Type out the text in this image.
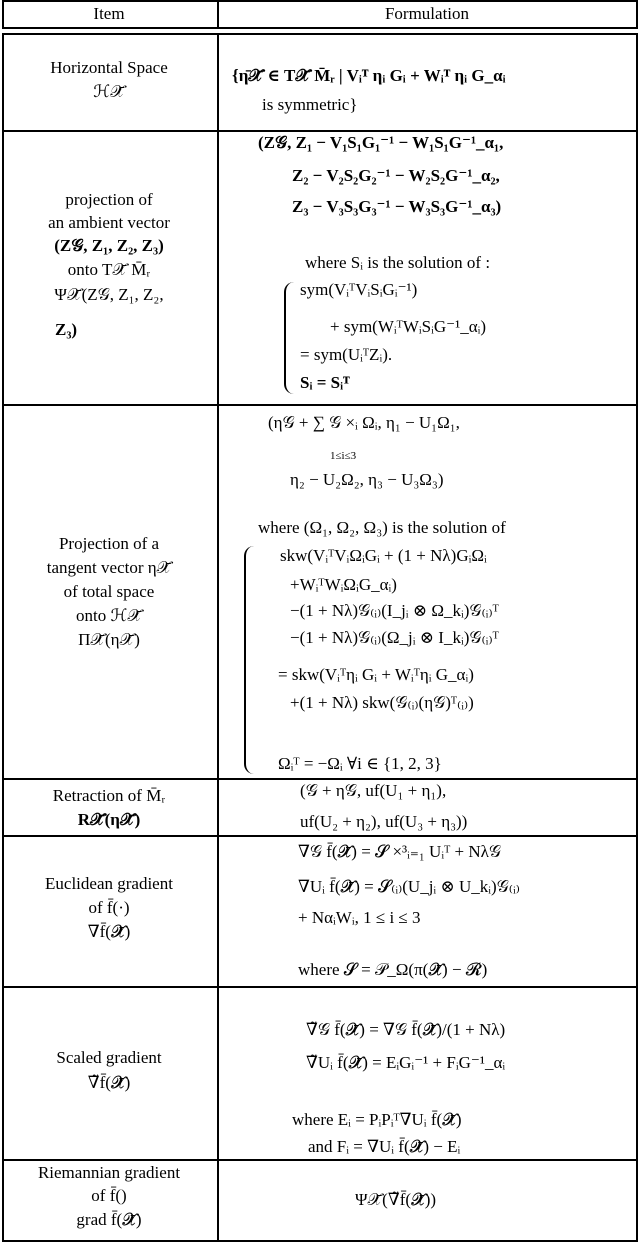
Item	Formulation
Horizontal Space
ℋ𝒳̄
{η̄𝒳̄ ∈ T𝒳̄ M̄ᵣ | Vᵢᵀ ηᵢ Gᵢ + Wᵢᵀ ηᵢ G_αᵢ
is symmetric}
projection of
an ambient vector
(Z𝒢, Z₁, Z₂, Z₃)
onto T𝒳̄ M̄ᵣ
Ψ𝒳̄(Z𝒢, Z₁, Z₂,
Z₃)
(Z𝒢, Z₁ − V₁S₁G₁⁻¹ − W₁S₁G⁻¹_α₁,
Z₂ − V₂S₂G₂⁻¹ − W₂S₂G⁻¹_α₂,
Z₃ − V₃S₃G₃⁻¹ − W₃S₃G⁻¹_α₃)
where Sᵢ is the solution of :
sym(VᵢᵀVᵢSᵢGᵢ⁻¹)
+ sym(WᵢᵀWᵢSᵢG⁻¹_αᵢ)
= sym(UᵢᵀZᵢ).
Sᵢ = Sᵢᵀ
Projection of a
tangent vector η𝒳̄
of total space
onto ℋ𝒳̄
Π𝒳̄(η𝒳̄)
(η𝒢 + ∑ 𝒢 ×ᵢ Ωᵢ, η₁ − U₁Ω₁,
1≤i≤3
η₂ − U₂Ω₂, η₃ − U₃Ω₃)
where (Ω₁, Ω₂, Ω₃) is the solution of
skw(VᵢᵀVᵢΩᵢGᵢ + (1 + Nλ)GᵢΩᵢ
+WᵢᵀWᵢΩᵢG_αᵢ)
−(1 + Nλ)𝒢₍ᵢ₎(I_jᵢ ⊗ Ω_kᵢ)𝒢₍ᵢ₎ᵀ
−(1 + Nλ)𝒢₍ᵢ₎(Ω_jᵢ ⊗ I_kᵢ)𝒢₍ᵢ₎ᵀ
= skw(Vᵢᵀηᵢ Gᵢ + Wᵢᵀηᵢ G_αᵢ)
+(1 + Nλ) skw(𝒢₍ᵢ₎(η𝒢)ᵀ₍ᵢ₎)
Ωᵢᵀ = −Ωᵢ ∀i ∈ {1, 2, 3}
Retraction of M̄ᵣ
R𝒳̄(η𝒳̄)
(𝒢 + η𝒢, uf(U₁ + η₁),
uf(U₂ + η₂), uf(U₃ + η₃))
Euclidean gradient
of f̄(·)
∇f̄(𝓧̄)
∇𝒢 f̄(𝓧̄) = 𝓢 ×³ᵢ₌₁ Uᵢᵀ + Nλ𝒢
∇Uᵢ f̄(𝓧̄) = 𝓢₍ᵢ₎(U_jᵢ ⊗ U_kᵢ)𝒢₍ᵢ₎
+ NαᵢWᵢ, 1 ≤ i ≤ 3
where 𝓢 = 𝒫_Ω(π(𝓧̄) − 𝓡)
Scaled gradient
∇̃f̄(𝓧̄)
∇̃𝒢 f̄(𝓧̄) = ∇𝒢 f̄(𝓧̄)/(1 + Nλ)
∇̃Uᵢ f̄(𝓧̄) = EᵢGᵢ⁻¹ + FᵢG⁻¹_αᵢ
where Eᵢ = PᵢPᵢᵀ∇Uᵢ f̄(𝓧̄)
and Fᵢ = ∇Uᵢ f̄(𝓧̄) − Eᵢ
Riemannian gradient
of f̄()
grad f̄(𝓧̄)
Ψ𝒳̄(∇̃f̄(𝓧̄))
